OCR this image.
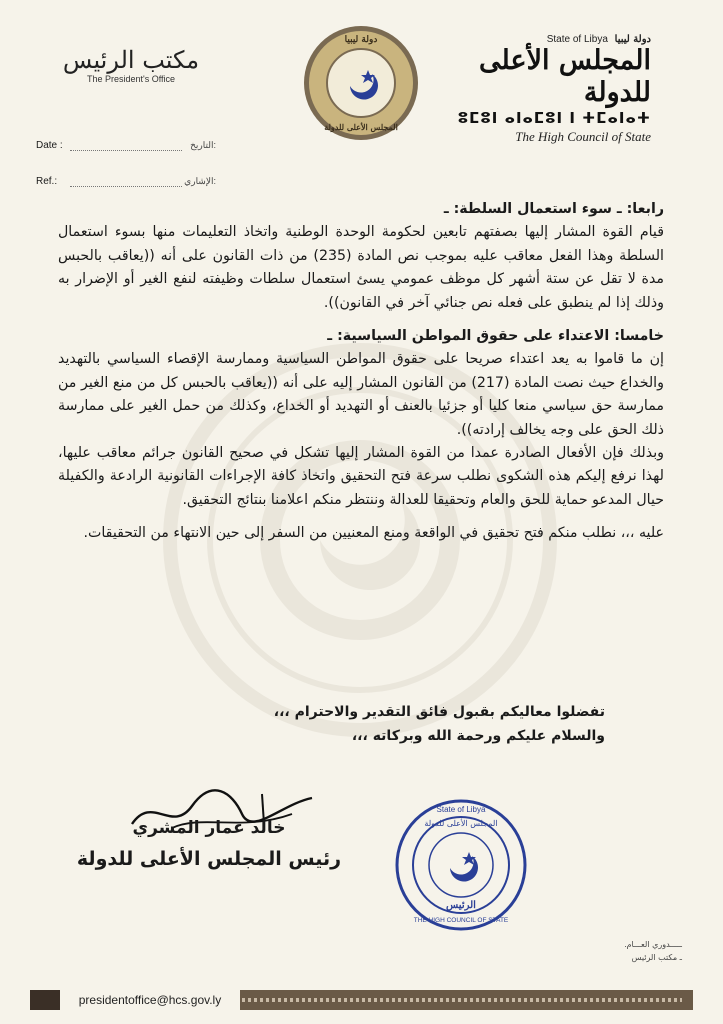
State of Libya دولة ليبيا
المجلس الأعلى للدولة
ⵓⵎⵓⵏ ⴰⵏⴰⵎⵓⵏ ⵏ ⵜⵎⴰⵏⴰⵜ
The High Council of State
مكتب الرئيس
The President's Office
دولة ليبيا
المجلس الأعلى للدولة
Date :	التاريخ:
Ref.:	الإشاري:

رابعا: ـ سوء استعمال السلطة: ـ

قيام القوة المشار إليها بصفتهم تابعين لحكومة الوحدة الوطنية واتخاذ التعليمات منها بسوء استعمال السلطة وهذا الفعل معاقب عليه بموجب نص المادة (235) من ذات القانون على أنه ((يعاقب بالحبس مدة لا تقل عن ستة أشهر كل موظف عمومي يسئ استعمال سلطات وظيفته لنفع الغير أو الإضرار به وذلك إذا لم ينطبق على فعله نص جنائي آخر في القانون)).

خامسا: الاعتداء على حقوق المواطن السياسية: ـ

إن ما قاموا به يعد اعتداء صريحا على حقوق المواطن السياسية وممارسة الإقصاء السياسي بالتهديد والخداع حيث نصت المادة (217) من القانون المشار إليه على أنه ((يعاقب بالحبس كل من منع الغير من ممارسة حق سياسي منعا كليا أو جزئيا بالعنف أو التهديد أو الخداع، وكذلك من حمل الغير على ممارسة ذلك الحق على وجه يخالف إرادته)).

وبذلك فإن الأفعال الصادرة عمدا من القوة المشار إليها تشكل في صحيح القانون جرائم معاقب عليها، لهذا نرفع إليكم هذه الشكوى نطلب سرعة فتح التحقيق واتخاذ كافة الإجراءات القانونية الرادعة والكفيلة حيال المدعو حماية للحق والعام وتحقيقا للعدالة وننتظر منكم اعلامنا بنتائج التحقيق.

عليه ،،، نطلب منكم فتح تحقيق في الواقعة ومنع المعنيين من السفر إلى حين الانتهاء من التحقيقات.

تفضلوا معاليكم بقبول فائق التقدير والاحترام ،،،
والسلام عليكم ورحمة الله وبركاته ،،،
خالد عمار المشري
رئيس المجلس الأعلى للدولة
State of Libya
المجلس الأعلى للدولة
الرئيس
THE HIGH COUNCIL OF STATE
ـــــدوري العـــام.
ـ مكتب الرئيس
presidentoffice@hcs.gov.ly
